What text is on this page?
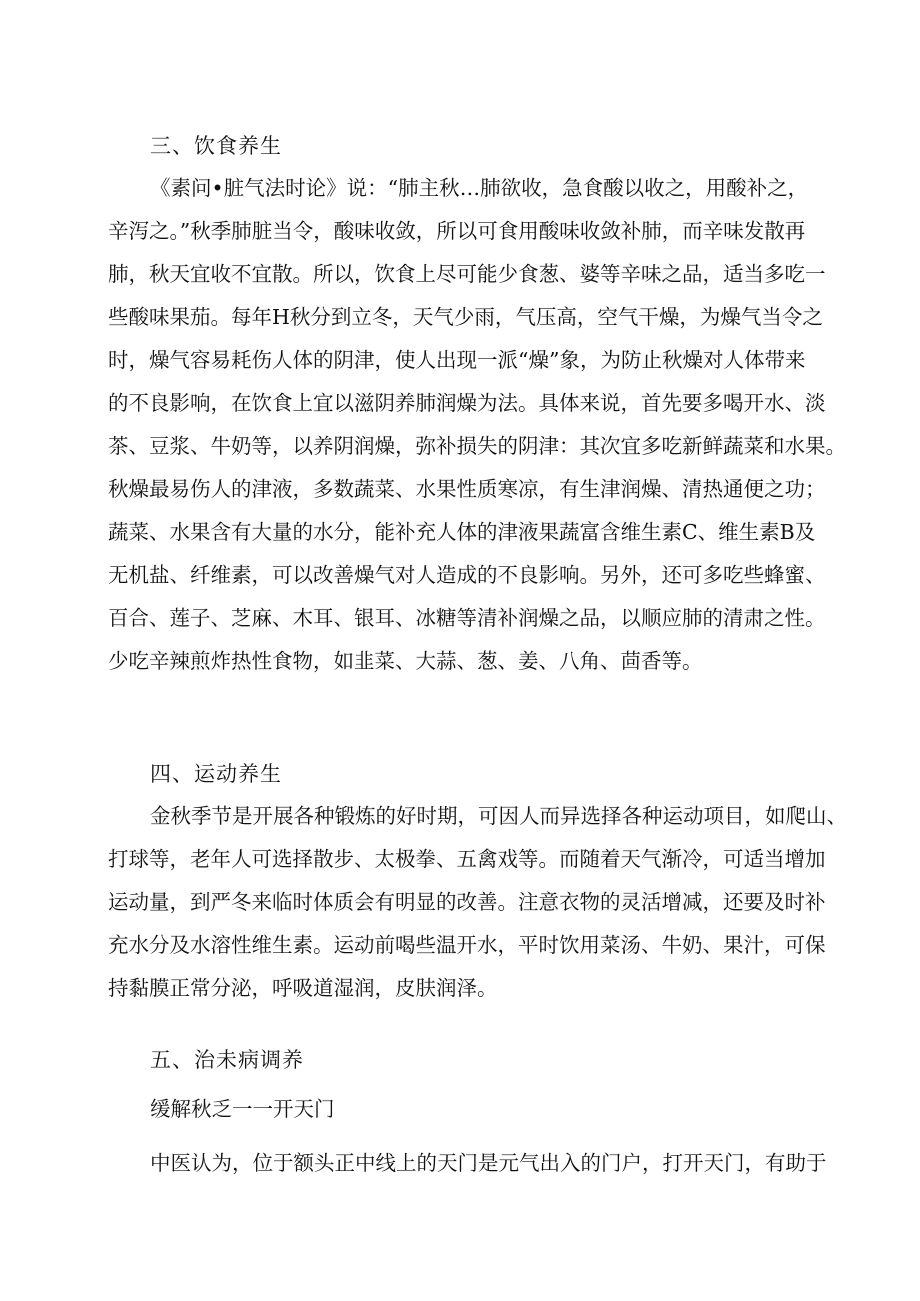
三、饮食养生

《素问•脏气法时论》说：“肺主秋…肺欲收，急食酸以收之，用酸补之，

辛泻之。”秋季肺脏当令，酸味收敛，所以可食用酸味收敛补肺，而辛味发散再

肺，秋天宜收不宜散。所以，饮食上尽可能少食葱、婆等辛味之品，适当多吃一

些酸味果茄。每年H秋分到立冬，天气少雨，气压高，空气干燥，为燥气当令之

时，燥气容易耗伤人体的阴津，使人出现一派“燥”象，为防止秋燥对人体带来

的不良影响，在饮食上宜以滋阴养肺润燥为法。具体来说，首先要多喝开水、淡

茶、豆浆、牛奶等，以养阴润燥，弥补损失的阴津：其次宜多吃新鲜蔬菜和水果。

秋燥最易伤人的津液，多数蔬菜、水果性质寒凉，有生津润燥、清热通便之功；

蔬菜、水果含有大量的水分，能补充人体的津液果蔬富含维生素C、维生素B及

无机盐、纤维素，可以改善燥气对人造成的不良影响。另外，还可多吃些蜂蜜、

百合、莲子、芝麻、木耳、银耳、冰糖等清补润燥之品，以顺应肺的清肃之性。

少吃辛辣煎炸热性食物，如韭菜、大蒜、葱、姜、八角、茴香等。

四、运动养生

金秋季节是开展各种锻炼的好时期，可因人而异选择各种运动项目，如爬山、

打球等，老年人可选择散步、太极拳、五禽戏等。而随着天气渐冷，可适当增加

运动量，到严冬来临时体质会有明显的改善。注意衣物的灵活增减，还要及时补

充水分及水溶性维生素。运动前喝些温开水，平时饮用菜汤、牛奶、果汁，可保

持黏膜正常分泌，呼吸道湿润，皮肤润泽。

五、治未病调养

缓解秋乏一一开天门

中医认为，位于额头正中线上的天门是元气出入的门户，打开天门，有助于
